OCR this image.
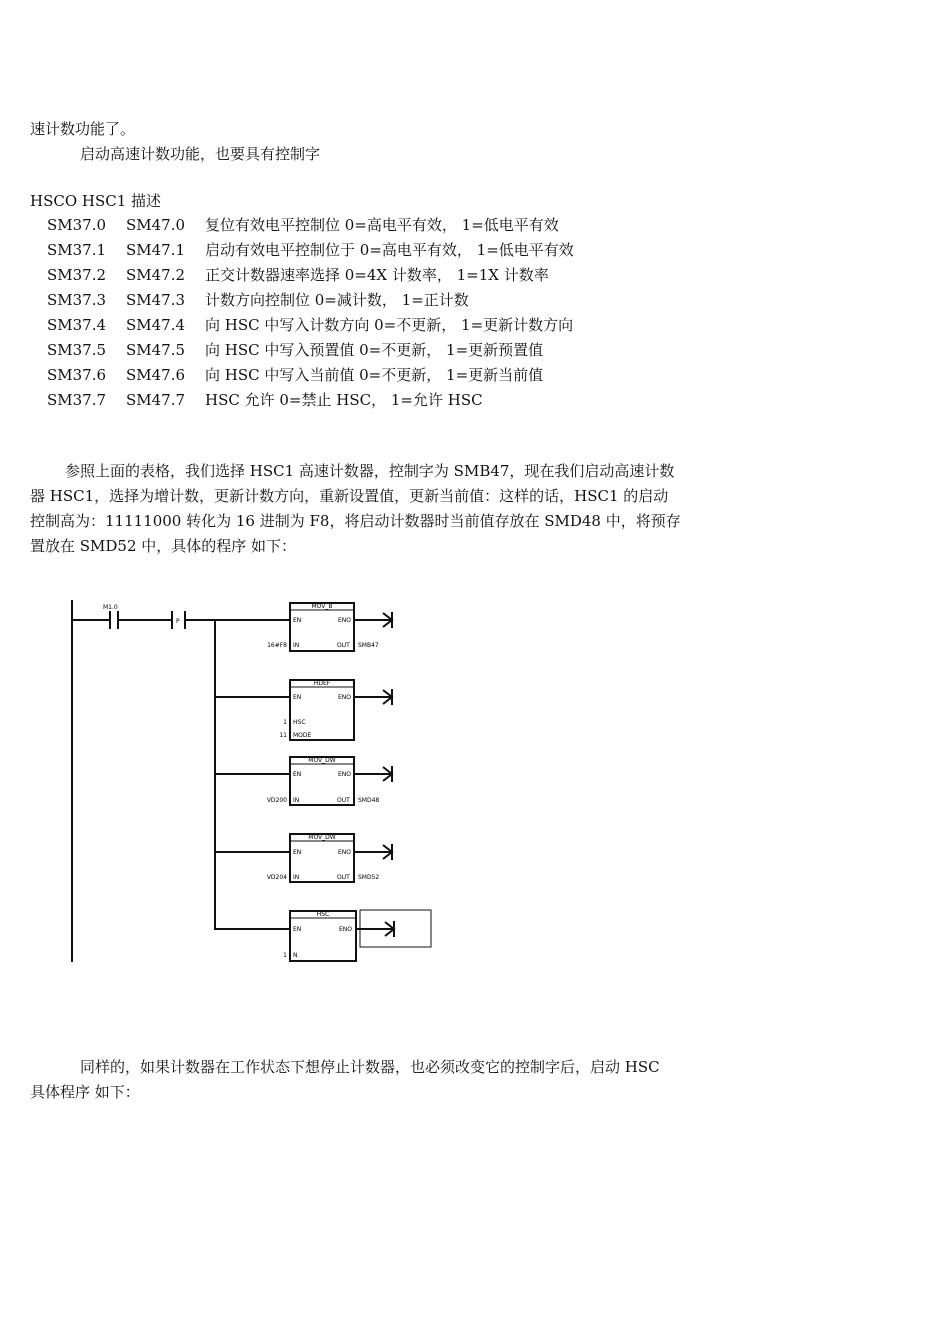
速计数功能了。
启动高速计数功能，也要具有控制字
HSCO HSC1 描述
SM37.0 SM47.0 复位有效电平控制位 0=高电平有效， 1=低电平有效
SM37.1 SM47.1 启动有效电平控制位于 0=高电平有效， 1=低电平有效
SM37.2 SM47.2 正交计数器速率选择 0=4X 计数率， 1=1X 计数率
SM37.3 SM47.3 计数方向控制位 0=减计数， 1=正计数
SM37.4 SM47.4 向 HSC 中写入计数方向 0=不更新， 1=更新计数方向
SM37.5 SM47.5 向 HSC 中写入预置值 0=不更新， 1=更新预置值
SM37.6 SM47.6 向 HSC 中写入当前值 0=不更新， 1=更新当前值
SM37.7 SM47.7 HSC 允许 0=禁止 HSC， 1=允许 HSC
参照上面的表格，我们选择 HSC1 高速计数器，控制字为 SMB47，现在我们启动高速计数
器 HSC1，选择为增计数，更新计数方向，重新设置值，更新当前值：这样的话，HSC1 的启动
控制高为：11111000 转化为 16 进制为 F8，将启动计数器时当前值存放在 SMD48 中，将预存
置放在 SMD52 中，具体的程序 如下：
MOV_B
EN	ENO
IN	OUT
16#F8	SMB47
HDEF
EN	ENO
HSC
MODE
1
11
MOV_DW
EN	ENO
IN	OUT
VD200	SMD48
MOV_DW
EN	ENO
IN	OUT
VD204	SMD52
HSC
EN	ENO
N
1
M1.0
P
同样的，如果计数器在工作状态下想停止计数器，也必须改变它的控制字后，启动 HSC
具体程序 如下：
